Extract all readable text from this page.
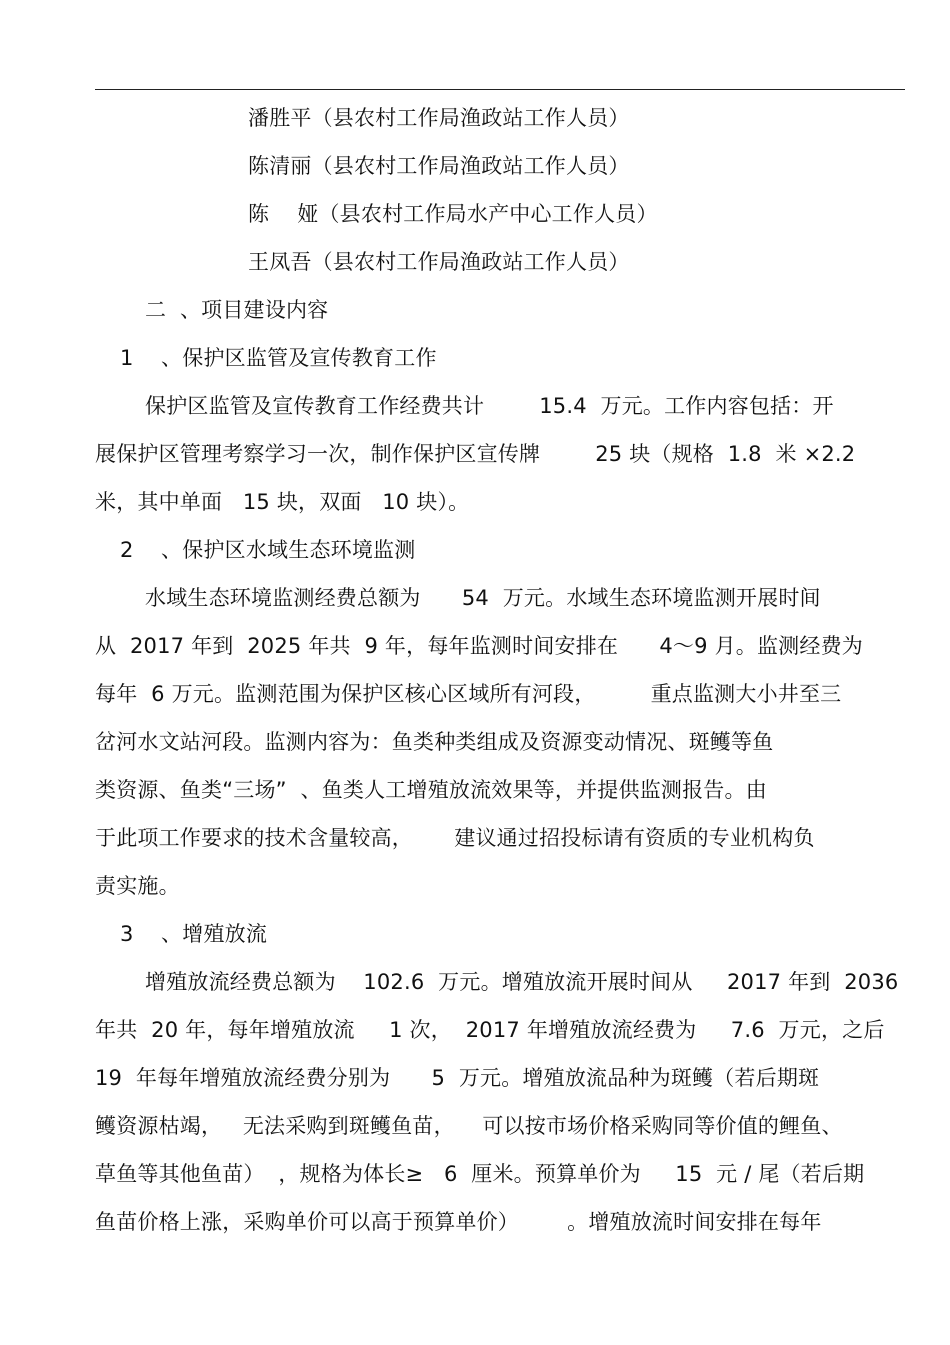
潘胜平（县农村工作局渔政站工作人员）
陈清丽（县农村工作局渔政站工作人员）
陈　 娅（县农村工作局水产中心工作人员）
王凤吾（县农村工作局渔政站工作人员）
二  、项目建设内容
1    、保护区监管及宣传教育工作
保护区监管及宣传教育工作经费共计        15.4  万元。工作内容包括：开
展保护区管理考察学习一次，制作保护区宣传牌        25 块（规格  1.8  米 ×2.2
米，其中单面   15 块，双面   10 块）。
2    、保护区水域生态环境监测
水域生态环境监测经费总额为      54  万元。水域生态环境监测开展时间
从  2017 年到  2025 年共  9 年，每年监测时间安排在      4～9 月。监测经费为
每年  6 万元。监测范围为保护区核心区域所有河段，        重点监测大小井至三
岔河水文站河段。监测内容为：鱼类种类组成及资源变动情况、斑鳠等鱼
类资源、鱼类“三场”  、鱼类人工增殖放流效果等，并提供监测报告。由
于此项工作要求的技术含量较高，      建议通过招投标请有资质的专业机构负
责实施。
3    、增殖放流
增殖放流经费总额为    102.6  万元。增殖放流开展时间从     2017 年到  2036
年共  20 年，每年增殖放流     1 次，  2017 年增殖放流经费为     7.6  万元，之后
19  年每年增殖放流经费分别为      5  万元。增殖放流品种为斑鳠（若后期斑
鳠资源枯竭，   无法采购到斑鳠鱼苗，    可以按市场价格采购同等价值的鲤鱼、
草鱼等其他鱼苗）  ，规格为体长≥   6  厘米。预算单价为     15  元 / 尾（若后期
鱼苗价格上涨，采购单价可以高于预算单价）       。增殖放流时间安排在每年
